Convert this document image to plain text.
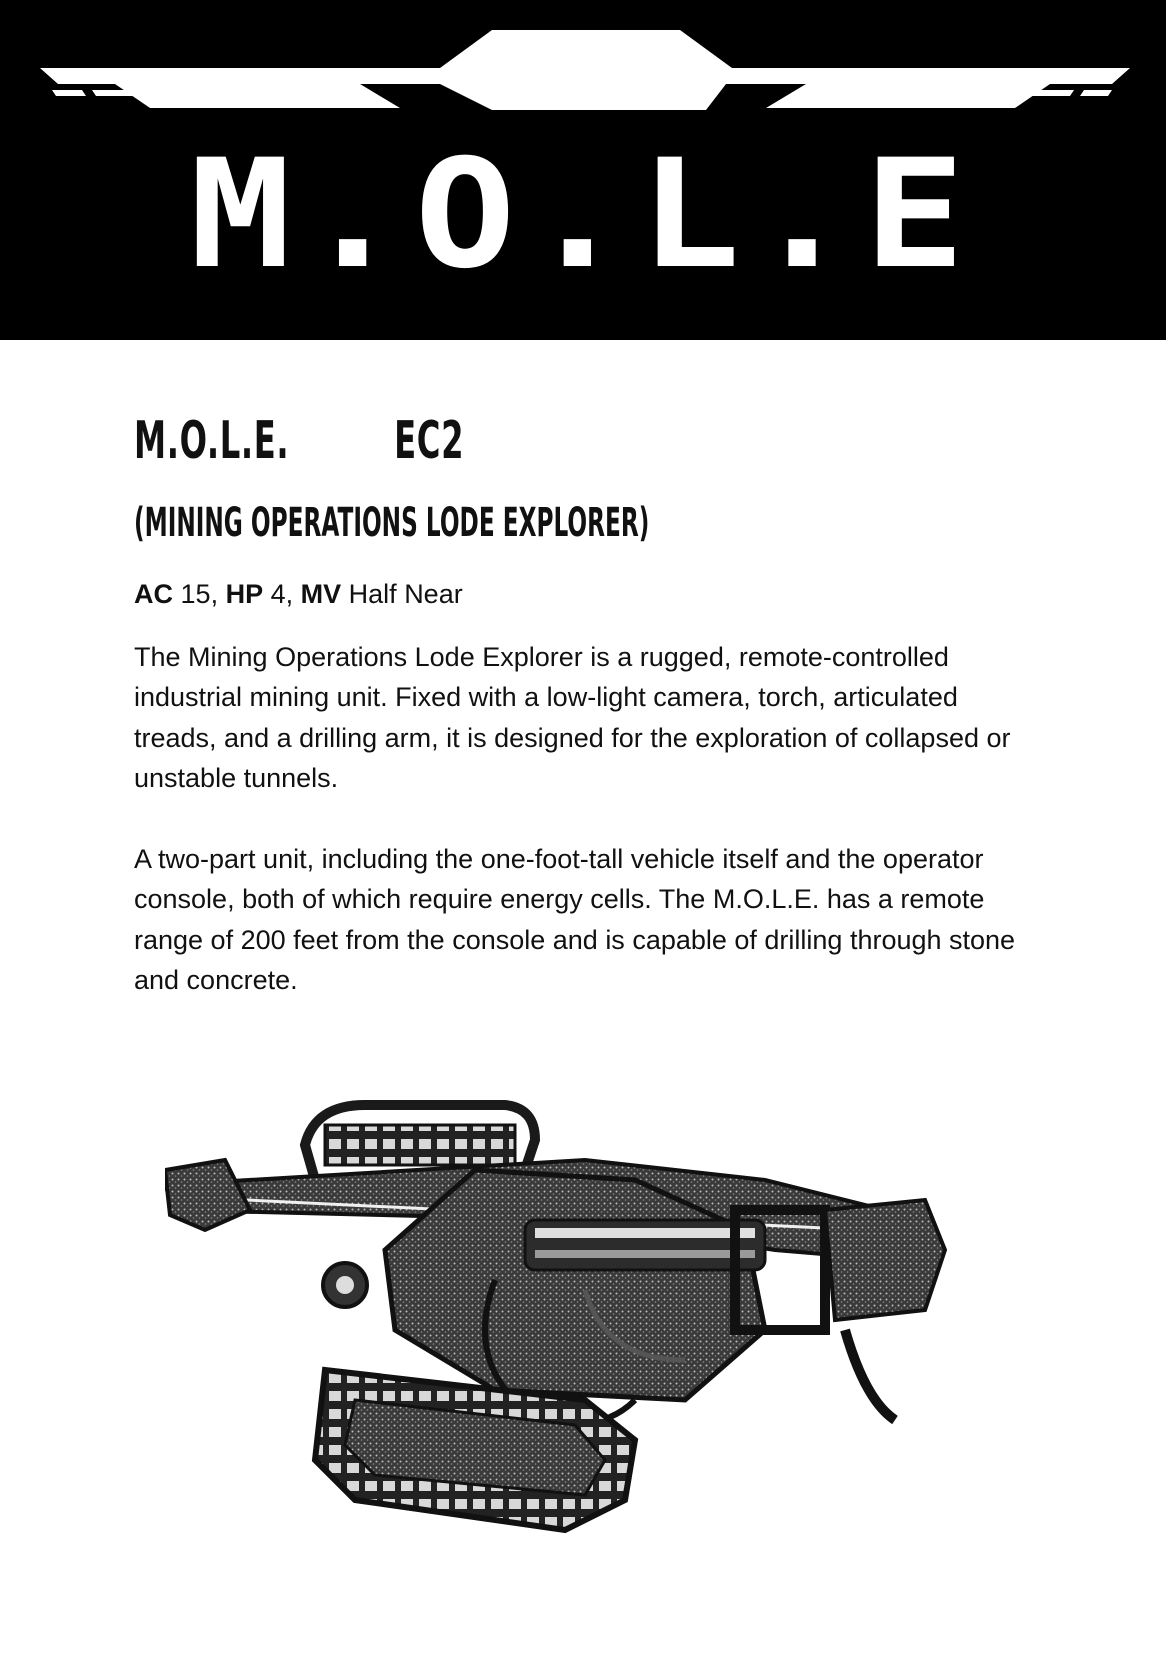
M.O.L.E
M.O.L.E. EC2
(MINING OPERATIONS LODE EXPLORER)

AC 15, HP 4, MV Half Near

The Mining Operations Lode Explorer is a rugged, remote-controlled industrial mining unit. Fixed with a low-light camera, torch, articulated treads, and a drilling arm, it is designed for the exploration of collapsed or unstable tunnels.

A two-part unit, including the one-foot-tall vehicle itself and the operator console, both of which require energy cells. The M.O.L.E. has a remote range of 200 feet from the console and is capable of drilling through stone and concrete.
